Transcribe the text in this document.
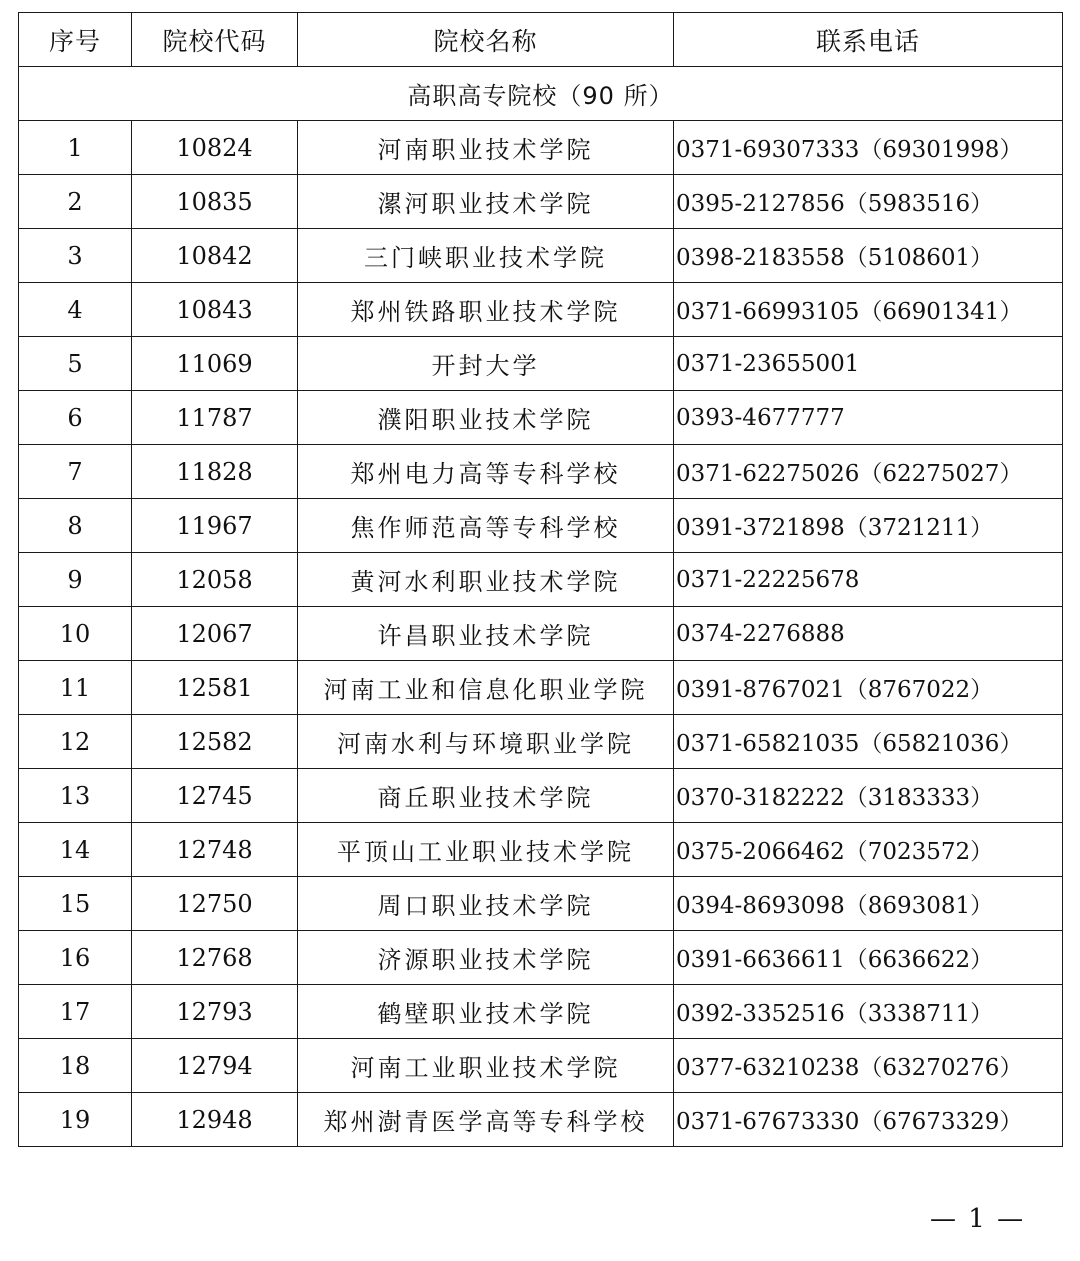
序号	院校代码	院校名称	联系电话
高职高专院校（90 所）			
1	10824	河南职业技术学院	0371-69307333（69301998）
2	10835	漯河职业技术学院	0395-2127856（5983516）
3	10842	三门峡职业技术学院	0398-2183558（5108601）
4	10843	郑州铁路职业技术学院	0371-66993105（66901341）
5	11069	开封大学	0371-23655001
6	11787	濮阳职业技术学院	0393-4677777
7	11828	郑州电力高等专科学校	0371-62275026（62275027）
8	11967	焦作师范高等专科学校	0391-3721898（3721211）
9	12058	黄河水利职业技术学院	0371-22225678
10	12067	许昌职业技术学院	0374-2276888
11	12581	河南工业和信息化职业学院	0391-8767021（8767022）
12	12582	河南水利与环境职业学院	0371-65821035（65821036）
13	12745	商丘职业技术学院	0370-3182222（3183333）
14	12748	平顶山工业职业技术学院	0375-2066462（7023572）
15	12750	周口职业技术学院	0394-8693098（8693081）
16	12768	济源职业技术学院	0391-6636611（6636622）
17	12793	鹤壁职业技术学院	0392-3352516（3338711）
18	12794	河南工业职业技术学院	0377-63210238（63270276）
19	12948	郑州澍青医学高等专科学校	0371-67673330（67673329）
— 1 —
